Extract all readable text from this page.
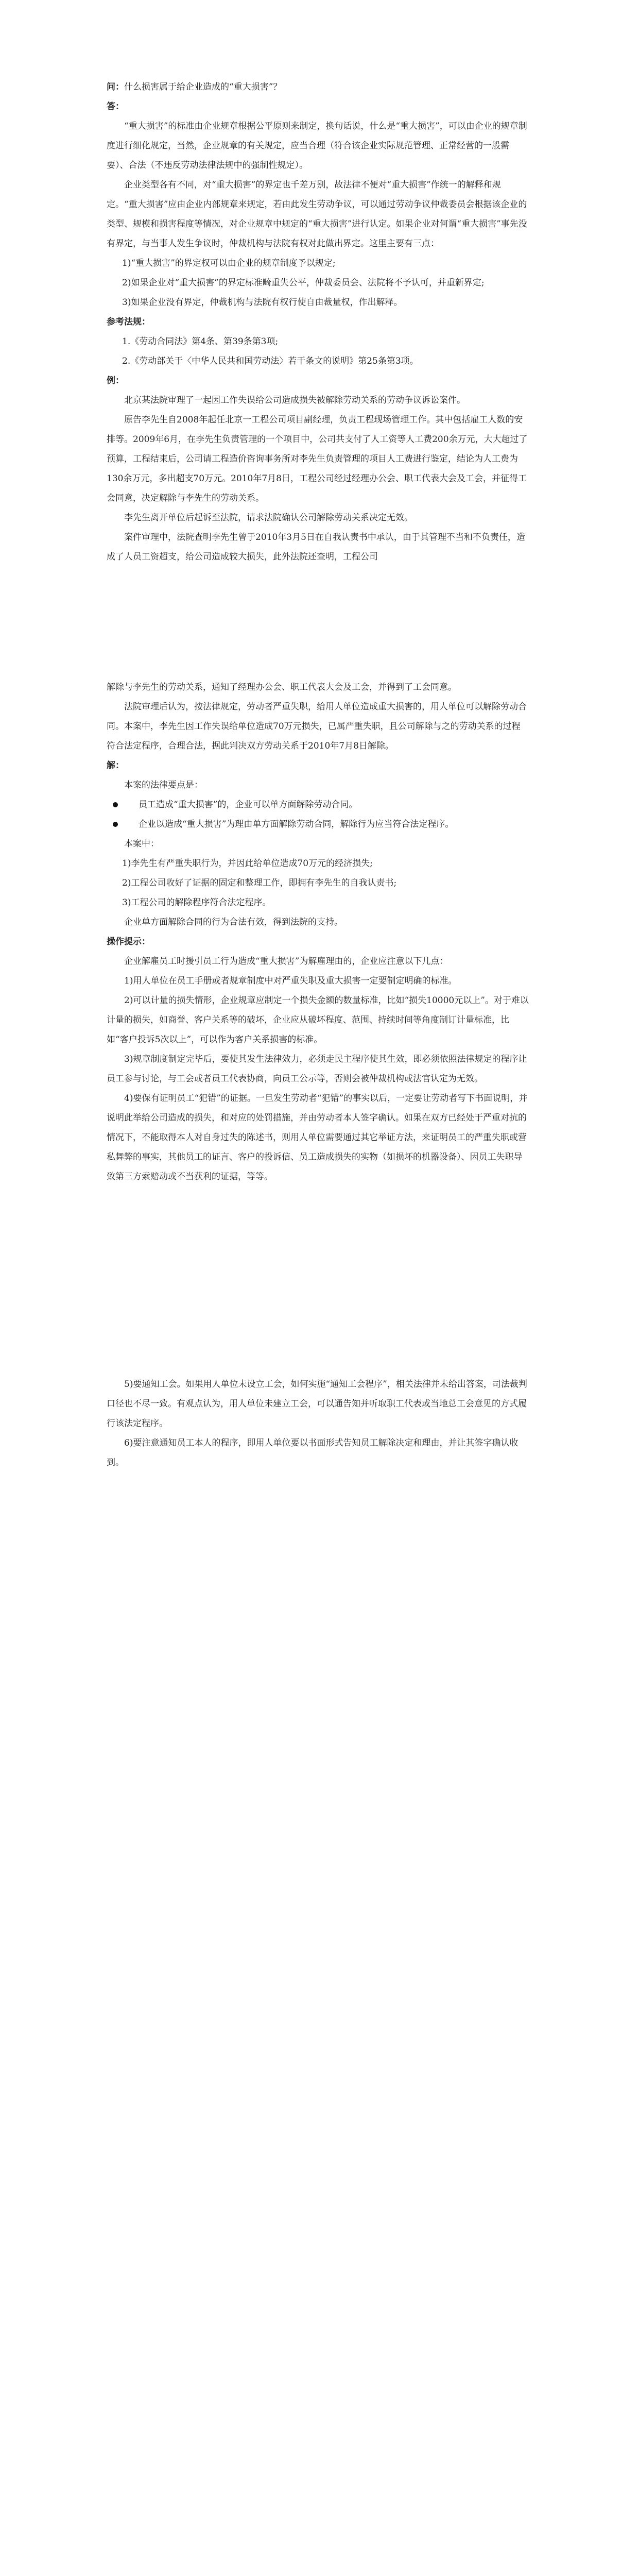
问：什么损害属于给企业造成的“重大损害”？

答：

“重大损害”的标准由企业规章根据公平原则来制定，换句话说，什么是“重大损害”，可以由企业的规章制度进行细化规定，当然，企业规章的有关规定，应当合理（符合该企业实际规范管理、正常经营的一般需要）、合法（不违反劳动法律法规中的强制性规定）。

企业类型各有不同，对“重大损害”的界定也千差万别，故法律不便对“重大损害”作统一的解释和规定。“重大损害”应由企业内部规章来规定，若由此发生劳动争议，可以通过劳动争议仲裁委员会根据该企业的类型、规模和损害程度等情况，对企业规章中规定的“重大损害”进行认定。如果企业对何谓“重大损害”事先没有界定，与当事人发生争议时，仲裁机构与法院有权对此做出界定。这里主要有三点：

1)“重大损害”的界定权可以由企业的规章制度予以规定;

2)如果企业对“重大损害”的界定标准畸重失公平，仲裁委员会、法院将不予认可，并重新界定;

3)如果企业没有界定，仲裁机构与法院有权行使自由裁量权，作出解释。

参考法规：

1.《劳动合同法》第4条、第39条第3项;

2.《劳动部关于〈中华人民共和国劳动法〉若干条文的说明》第25条第3项。

例：

北京某法院审理了一起因工作失误给公司造成损失被解除劳动关系的劳动争议诉讼案件。

原告李先生自2008年起任北京一工程公司项目副经理，负责工程现场管理工作。其中包括雇工人数的安排等。2009年6月，在李先生负责管理的一个项目中，公司共支付了人工资等人工费200余万元，大大超过了预算，工程结束后，公司请工程造价咨询事务所对李先生负责管理的项目人工费进行鉴定，结论为人工费为130余万元，多出超支70万元。2010年7月8日，工程公司经过经理办公会、职工代表大会及工会，并征得工会同意，决定解除与李先生的劳动关系。

李先生离开单位后起诉至法院，请求法院确认公司解除劳动关系决定无效。

案件审理中，法院查明李先生曾于2010年3月5日在自我认责书中承认，由于其管理不当和不负责任，造成了人员工资超支，给公司造成较大损失，此外法院还查明，工程公司

解除与李先生的劳动关系，通知了经理办公会、职工代表大会及工会，并得到了工会同意。

法院审理后认为，按法律规定，劳动者严重失职，给用人单位造成重大损害的，用人单位可以解除劳动合同。本案中，李先生因工作失误给单位造成70万元损失，已属严重失职，且公司解除与之的劳动关系的过程符合法定程序，合理合法，据此判决双方劳动关系于2010年7月8日解除。

解：

本案的法律要点是：

员工造成“重大损害”的，企业可以单方面解除劳动合同。

企业以造成“重大损害”为理由单方面解除劳动合同，解除行为应当符合法定程序。

本案中：

1)李先生有严重失职行为，并因此给单位造成70万元的经济损失;

2)工程公司收好了证据的固定和整理工作，即拥有李先生的自我认责书;

3)工程公司的解除程序符合法定程序。

企业单方面解除合同的行为合法有效，得到法院的支持。

操作提示：

企业解雇员工时援引员工行为造成“重大损害”为解雇理由的，企业应注意以下几点：

1)用人单位在员工手册或者规章制度中对严重失职及重大损害一定要制定明确的标准。

2)可以计量的损失情形，企业规章应制定一个损失金额的数量标准，比如“损失10000元以上”。对于难以计量的损失，如商誉、客户关系等的破坏，企业应从破坏程度、范围、持续时间等角度制订计量标准，比如“客户投诉5次以上”，可以作为客户关系损害的标准。

3)规章制度制定完毕后，要使其发生法律效力，必须走民主程序使其生效，即必须依照法律规定的程序让员工参与讨论，与工会或者员工代表协商，向员工公示等，否则会被仲裁机构或法官认定为无效。

4)要保有证明员工“犯错”的证据。一旦发生劳动者“犯错”的事实以后，一定要让劳动者写下书面说明，并说明此举给公司造成的损失，和对应的处罚措施，并由劳动者本人签字确认。如果在双方已经处于严重对抗的情况下，不能取得本人对自身过失的陈述书，则用人单位需要通过其它举证方法，来证明员工的严重失职或营私舞弊的事实，其他员工的证言、客户的投诉信、员工造成损失的实物（如损坏的机器设备）、因员工失职导致第三方索赔动或不当获利的证据，等等。

5)要通知工会。如果用人单位未设立工会，如何实施“通知工会程序”，相关法律并未给出答案，司法裁判口径也不尽一致。有观点认为，用人单位未建立工会，可以通告知并听取职工代表或当地总工会意见的方式履行该法定程序。

6)要注意通知员工本人的程序，即用人单位要以书面形式告知员工解除决定和理由，并让其签字确认收到。
